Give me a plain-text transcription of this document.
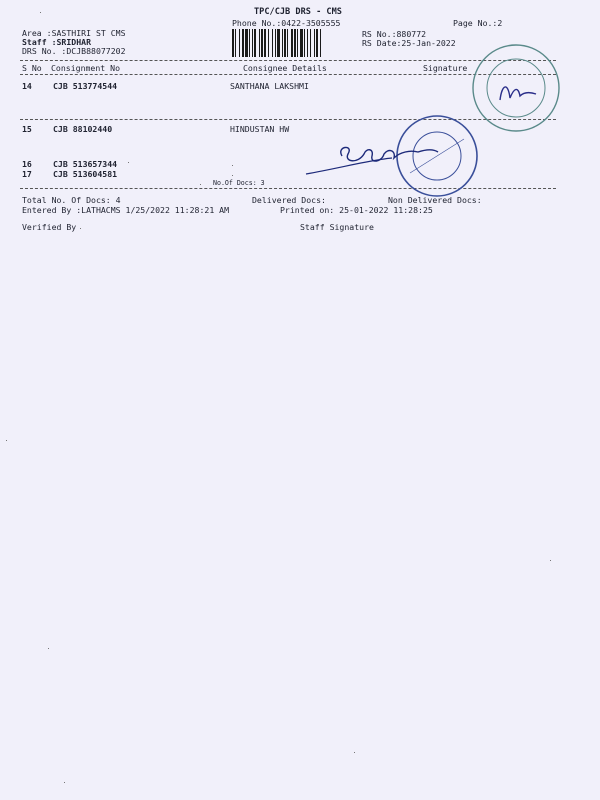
TPC/CJB DRS - CMS
Phone No.:0422-3505555	Page No.:2
Area :SASTHIRI ST CMS
Staff :SRIDHAR
DRS No. :DCJB88077202
RS No.:880772
RS Date:25-Jan-2022
S No Consignment No	Consignee Details	Signature
14	CJB 513774544	SANTHANA LAKSHMI
15	CJB 88102440	HINDUSTAN HW
16	CJB 513657344
17	CJB 513604581
No.Of Docs: 3
Total No. Of Docs: 4	Delivered Docs:	Non Delivered Docs:
Entered By :LATHACMS 1/25/2022 11:28:21 AM	Printed on: 25-01-2022 11:28:25
Verified By	Staff Signature
